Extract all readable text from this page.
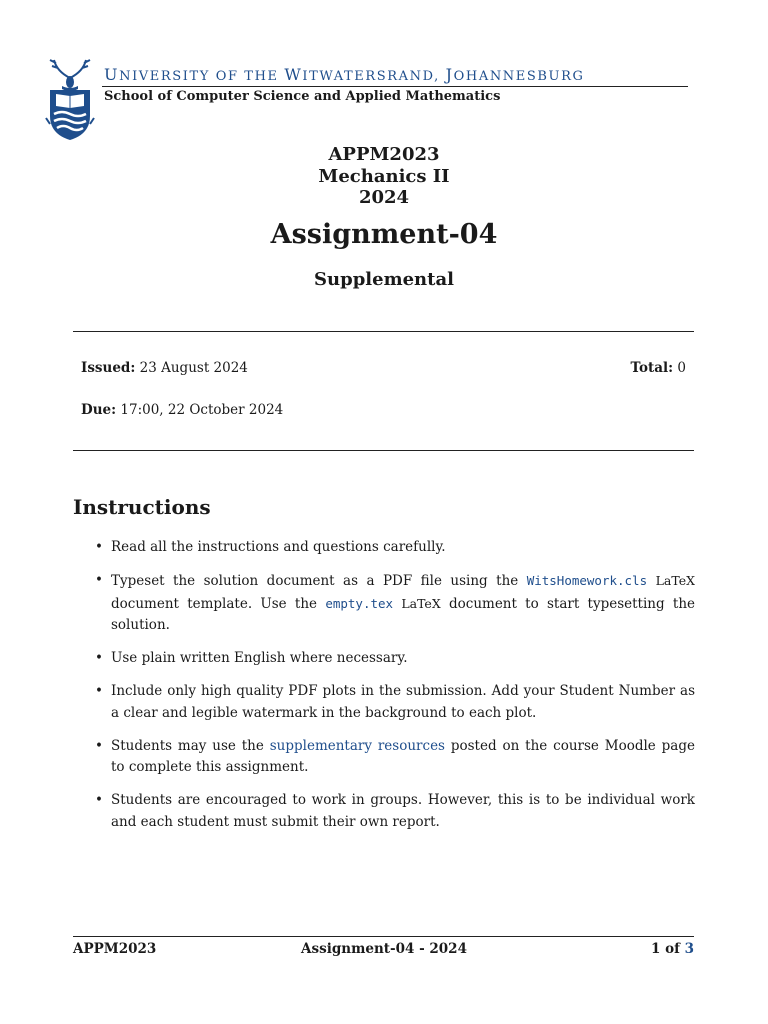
UNIVERSITY OF THE WITWATERSRAND, JOHANNESBURG
School of Computer Science and Applied Mathematics
APPM2023
Mechanics II
2024
Assignment-04
Supplemental
Issued: 23 August 2024	Total: 0
Due: 17:00, 22 October 2024
Instructions
• Read all the instructions and questions carefully.
• Typeset the solution document as a PDF file using the WitsHomework.cls LaTeX document template. Use the empty.tex LaTeX document to start typesetting the solution.
• Use plain written English where necessary.
• Include only high quality PDF plots in the submission. Add your Student Number as a clear and legible watermark in the background to each plot.
• Students may use the supplementary resources posted on the course Moodle page to complete this assignment.
• Students are encouraged to work in groups. However, this is to be individual work and each student must submit their own report.
APPM2023	Assignment-04 - 2024	1 of 3
